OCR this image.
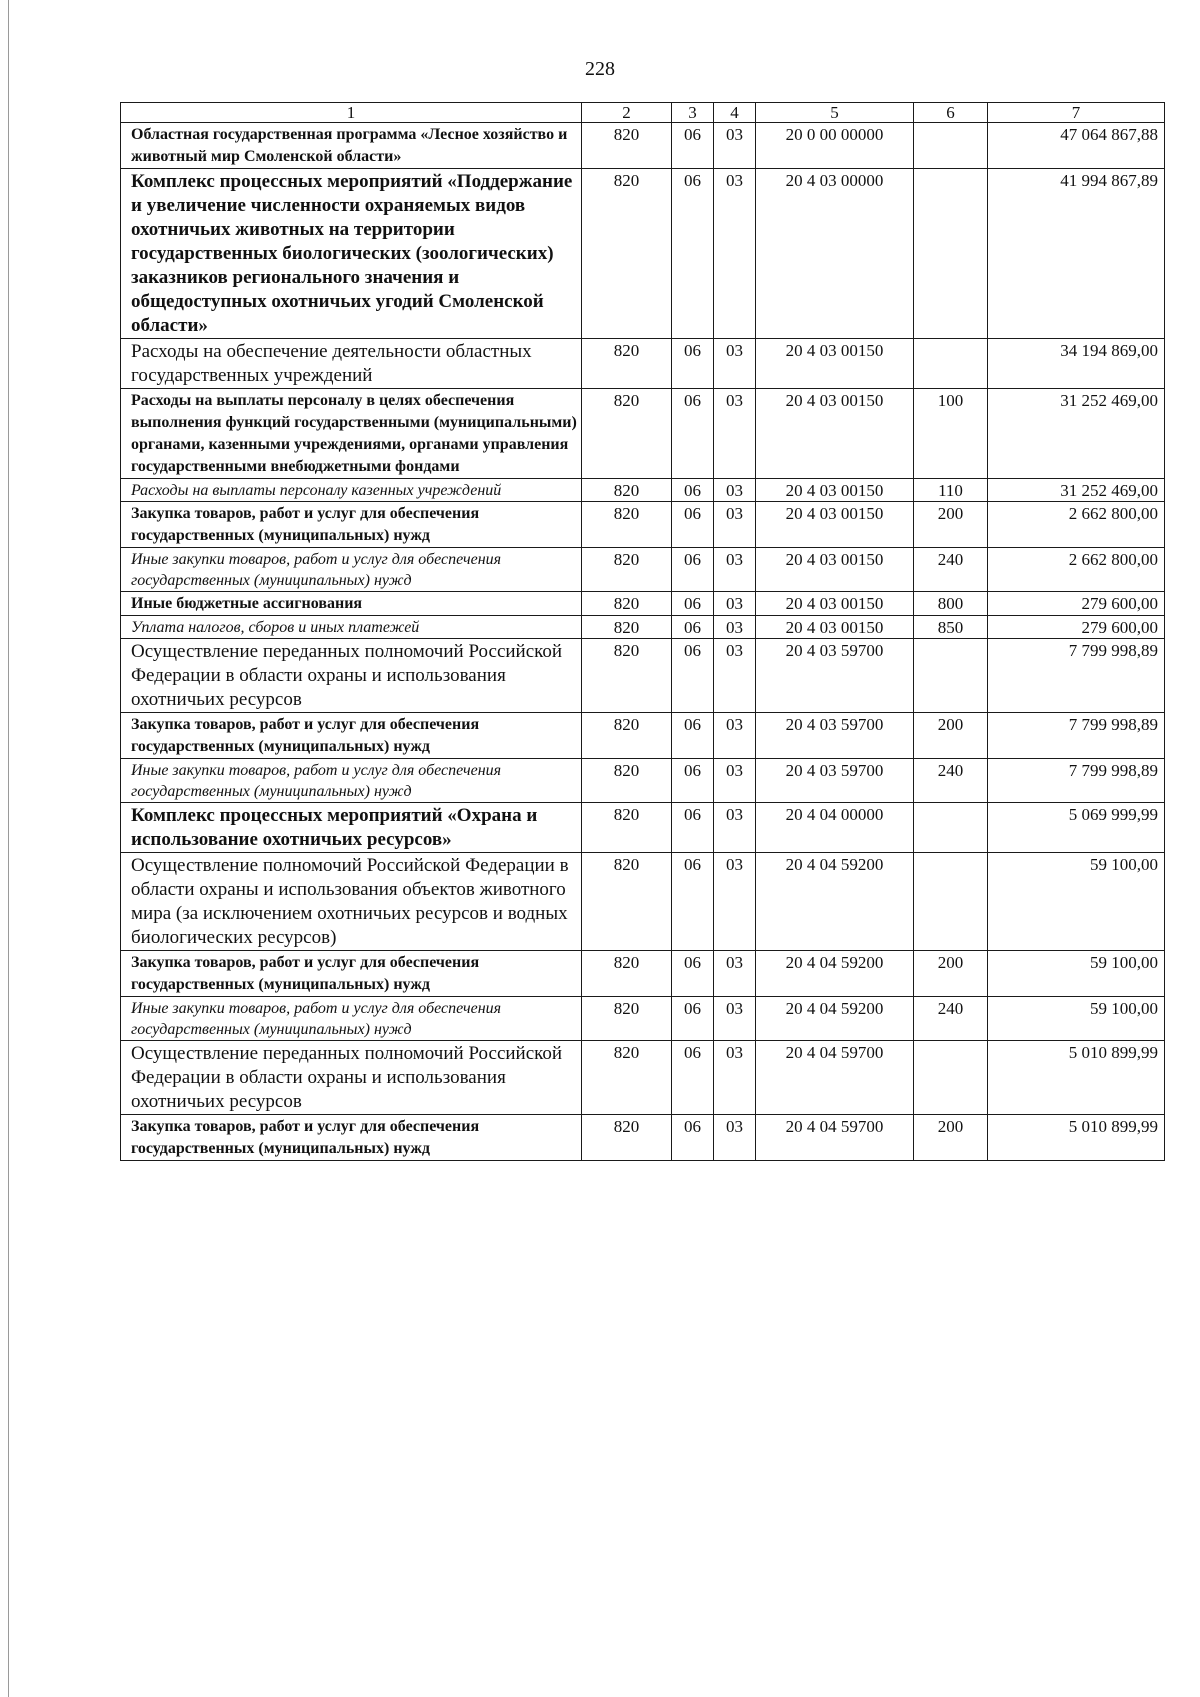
228
1	2	3	4	5	6	7
Областная государственная программа «Лесное хозяйство и животный мир Смоленской области»	820	06	03	20 0 00 00000		47 064 867,88
Комплекс процессных мероприятий «Поддержание и увеличение численности охраняемых видов охотничьих животных на территории государственных биологических (зоологических) заказников регионального значения и общедоступных охотничьих угодий Смоленской области»	820	06	03	20 4 03 00000		41 994 867,89
Расходы на обеспечение деятельности областных государственных учреждений	820	06	03	20 4 03 00150		34 194 869,00
Расходы на выплаты персоналу в целях обеспечения выполнения функций государственными (муниципальными) органами, казенными учреждениями, органами управления государственными внебюджетными фондами	820	06	03	20 4 03 00150	100	31 252 469,00
Расходы на выплаты персоналу казенных учреждений	820	06	03	20 4 03 00150	110	31 252 469,00
Закупка товаров, работ и услуг для обеспечения государственных (муниципальных) нужд	820	06	03	20 4 03 00150	200	2 662 800,00
Иные закупки товаров, работ и услуг для обеспечения государственных (муниципальных) нужд	820	06	03	20 4 03 00150	240	2 662 800,00
Иные бюджетные ассигнования	820	06	03	20 4 03 00150	800	279 600,00
Уплата налогов, сборов и иных платежей	820	06	03	20 4 03 00150	850	279 600,00
Осуществление переданных полномочий Российской Федерации в области охраны и использования охотничьих ресурсов	820	06	03	20 4 03 59700		7 799 998,89
Закупка товаров, работ и услуг для обеспечения государственных (муниципальных) нужд	820	06	03	20 4 03 59700	200	7 799 998,89
Иные закупки товаров, работ и услуг для обеспечения государственных (муниципальных) нужд	820	06	03	20 4 03 59700	240	7 799 998,89
Комплекс процессных мероприятий «Охрана и использование охотничьих ресурсов»	820	06	03	20 4 04 00000		5 069 999,99
Осуществление полномочий Российской Федерации в области охраны и использования объектов животного мира (за исключением охотничьих ресурсов и водных биологических ресурсов)	820	06	03	20 4 04 59200		59 100,00
Закупка товаров, работ и услуг для обеспечения государственных (муниципальных) нужд	820	06	03	20 4 04 59200	200	59 100,00
Иные закупки товаров, работ и услуг для обеспечения государственных (муниципальных) нужд	820	06	03	20 4 04 59200	240	59 100,00
Осуществление переданных полномочий Российской Федерации в области охраны и использования охотничьих ресурсов	820	06	03	20 4 04 59700		5 010 899,99
Закупка товаров, работ и услуг для обеспечения государственных (муниципальных) нужд	820	06	03	20 4 04 59700	200	5 010 899,99
